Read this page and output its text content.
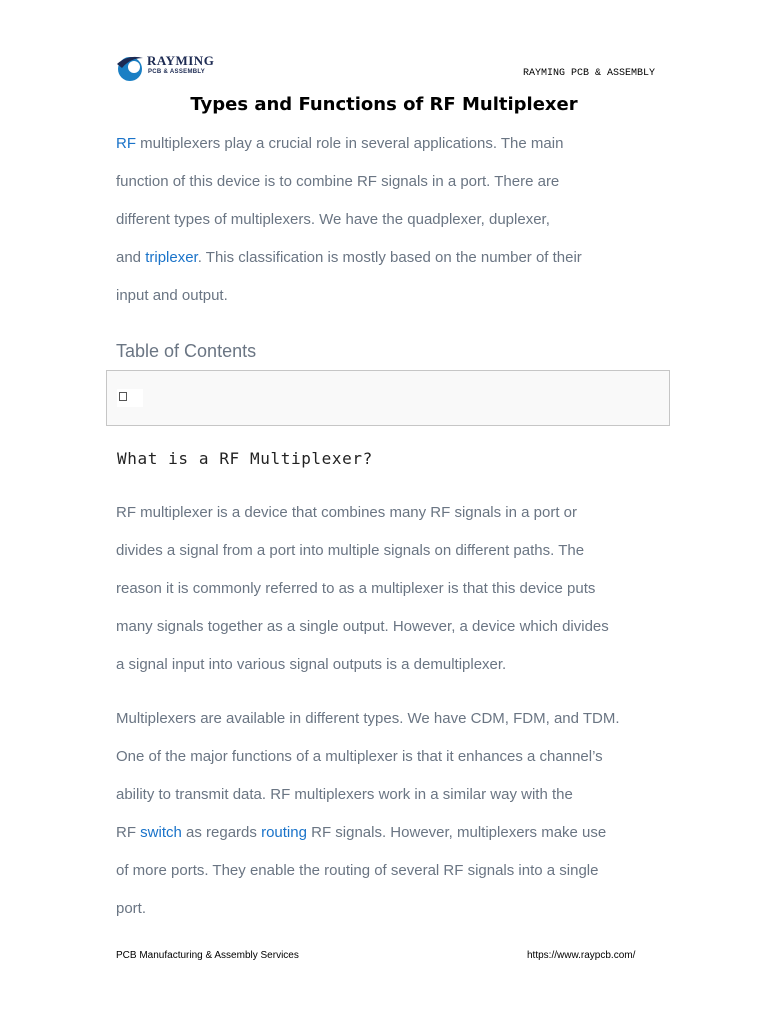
RAYMING
PCB & ASSEMBLY	RAYMING PCB & ASSEMBLY
Types and Functions of RF Multiplexer
RF multiplexers play a crucial role in several applications. The main
function of this device is to combine RF signals in a port. There are
different types of multiplexers. We have the quadplexer, duplexer,
and triplexer. This classification is mostly based on the number of their
input and output.
Table of Contents
What is a RF Multiplexer?
RF multiplexer is a device that combines many RF signals in a port or
divides a signal from a port into multiple signals on different paths. The
reason it is commonly referred to as a multiplexer is that this device puts
many signals together as a single output. However, a device which divides
a signal input into various signal outputs is a demultiplexer.
Multiplexers are available in different types. We have CDM, FDM, and TDM.
One of the major functions of a multiplexer is that it enhances a channel’s
ability to transmit data. RF multiplexers work in a similar way with the
RF switch as regards routing RF signals. However, multiplexers make use
of more ports. They enable the routing of several RF signals into a single
port.
PCB Manufacturing & Assembly Services	https://www.raypcb.com/
